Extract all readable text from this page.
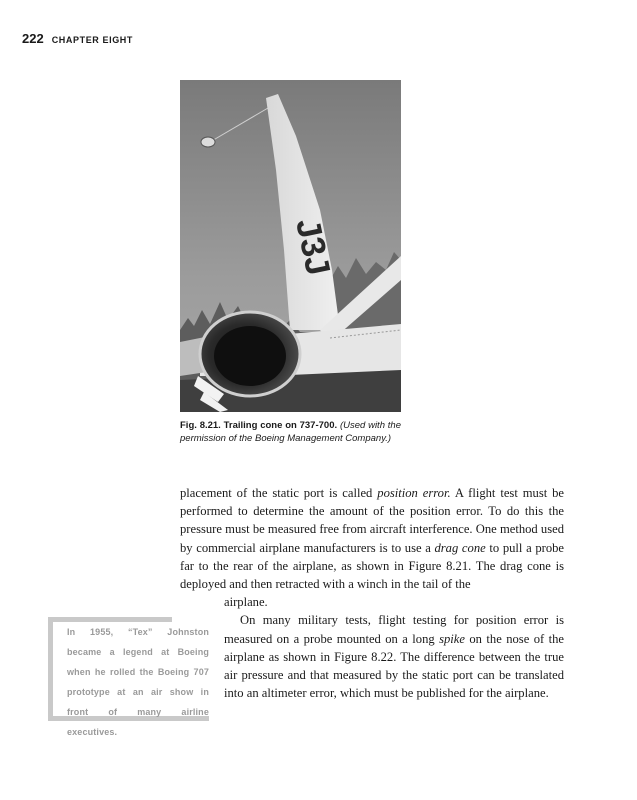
222 CHAPTER EIGHT
J3J
Fig. 8.21. Trailing cone on 737-700. (Used with the permission of the Boeing Management Company.)

placement of the static port is called position error. A flight test must be performed to determine the amount of the position error. To do this the pressure must be measured free from aircraft interference. One method used by commercial airplane manufacturers is to use a drag cone to pull a probe far to the rear of the airplane, as shown in Figure 8.21. The drag cone is deployed and then retracted with a winch in the tail of the

airplane.

On many military tests, flight testing for position error is measured on a probe mounted on a long spike on the nose of the airplane as shown in Figure 8.22. The difference between the true air pressure and that measured by the static port can be translated into an altimeter error, which must be published for the airplane.

In 1955, “Tex” Johnston became a legend at Boeing when he rolled the Boeing 707 prototype at an air show in front of many airline executives.
